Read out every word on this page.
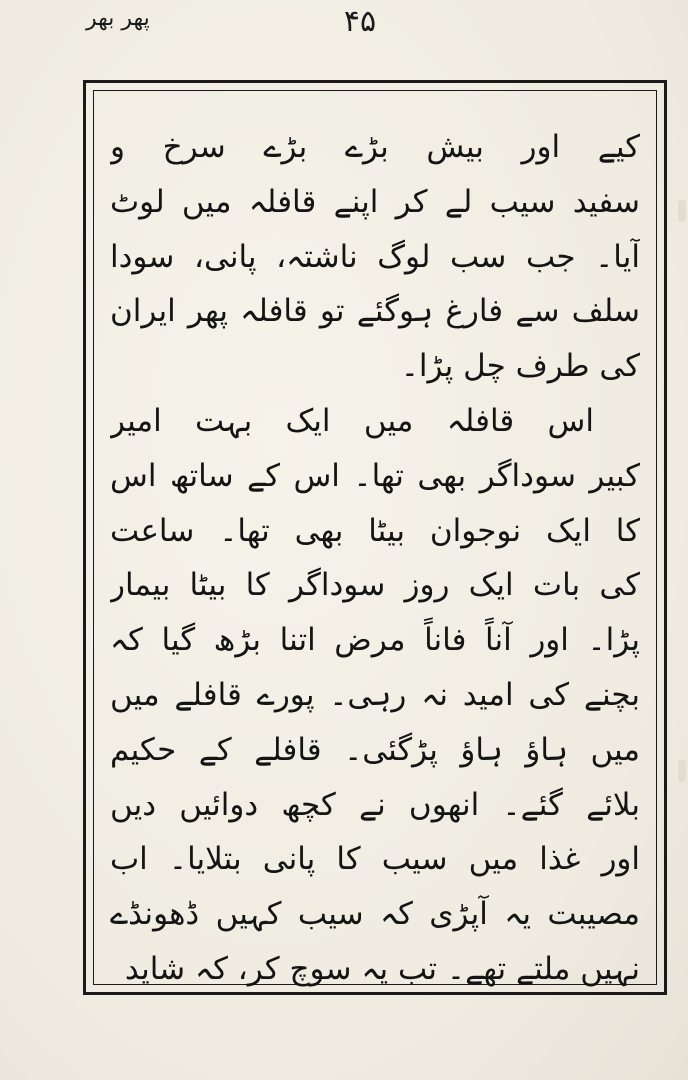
پھر بھر	۴۵
کیے اور بیش بڑے بڑے سرخ و
سفید سیب لے کر اپنے قافلہ میں لوٹ
آیا۔ جب سب لوگ ناشتہ، پانی، سودا
سلف سے فارغ ہوگئے تو قافلہ پھر ایران
کی طرف چل پڑا۔
اس قافلہ میں ایک بہت امیر
کبیر سوداگر بھی تھا۔ اس کے ساتھ اس
کا ایک نوجوان بیٹا بھی تھا۔ ساعت
کی بات ایک روز سوداگر کا بیٹا بیمار
پڑا۔ اور آناً فاناً مرض اتنا بڑھ گیا کہ
بچنے کی امید نہ رہی۔ پورے قافلے میں
میں ہاؤ ہاؤ پڑگئی۔ قافلے کے حکیم
بلائے گئے۔ انھوں نے کچھ دوائیں دیں
اور غذا میں سیب کا پانی بتلایا۔ اب
مصیبت یہ آپڑی کہ سیب کہیں ڈھونڈے
نہیں ملتے تھے۔ تب یہ سوچ کر، کہ شاید
